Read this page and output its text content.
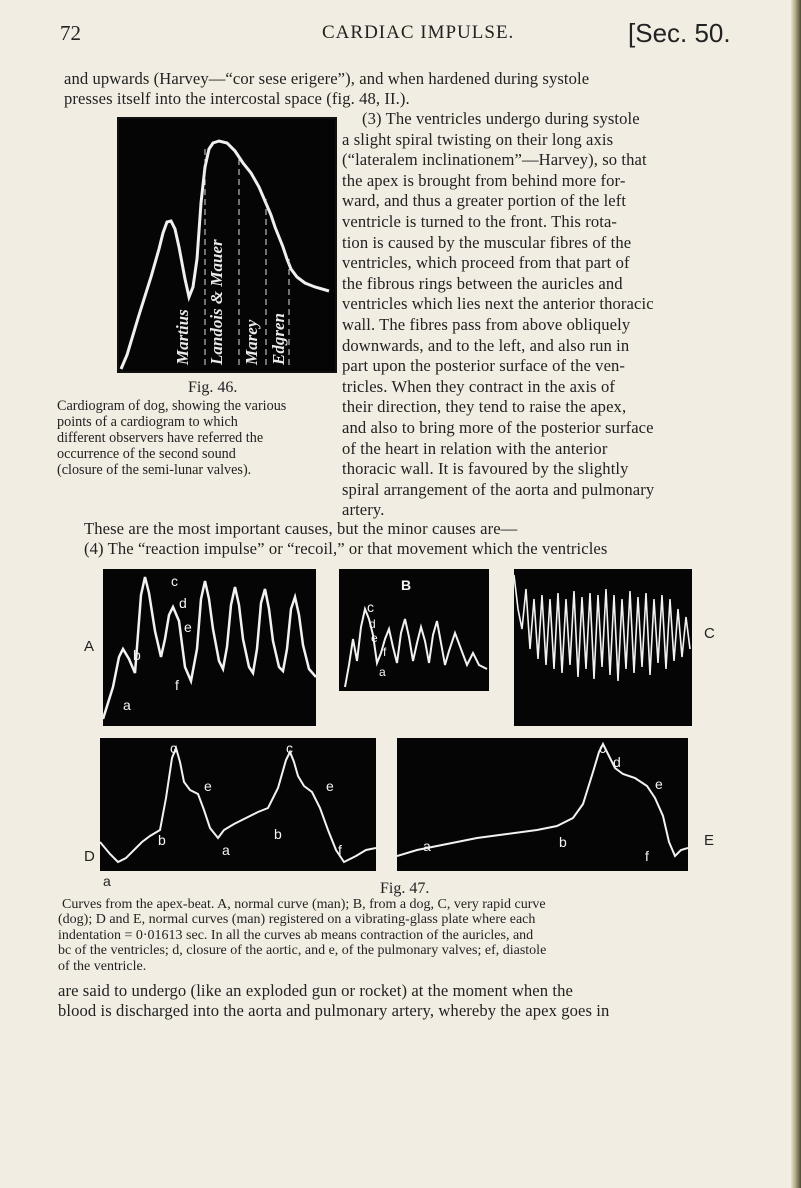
72	CARDIAC IMPULSE.	[Sec. 50.
and upwards (Harvey—“cor sese erigere”), and when hardened during systole
presses itself into the intercostal space (fig. 48, II.).
Martius Landois & Mauer Marey Edgren
Fig. 46.
Cardiogram of dog, showing the various
points of a cardiogram to which
different observers have referred the
occurrence of the second sound
(closure of the semi-lunar valves).
(3) The ventricles undergo during systole
a slight spiral twisting on their long axis
(“lateralem inclinationem”—Harvey), so that
the apex is brought from behind more for-
ward, and thus a greater portion of the left
ventricle is turned to the front. This rota-
tion is caused by the muscular fibres of the
ventricles, which proceed from that part of
the fibrous rings between the auricles and
ventricles which lies next the anterior thoracic
wall. The fibres pass from above obliquely
downwards, and to the left, and also run in
part upon the posterior surface of the ven-
tricles. When they contract in the axis of
their direction, they tend to raise the apex,
and also to bring more of the posterior surface
of the heart in relation with the anterior
thoracic wall. It is favoured by the slightly
spiral arrangement of the aorta and pulmonary
artery.
These are the most important causes, but the minor causes are—
(4) The “reaction impulse” or “recoil,” or that movement which the ventricles
A
c
d
e
b
f
a
B
c
d
e
f
a
C
D
c	c
e	e
b	b
a	f
a
c
d
e
a	b
f
E
Fig. 47.
Curves from the apex-beat. A, normal curve (man); B, from a dog, C, very rapid curve
(dog); D and E, normal curves (man) registered on a vibrating-glass plate where each
indentation = 0·01613 sec. In all the curves ab means contraction of the auricles, and
bc of the ventricles; d, closure of the aortic, and e, of the pulmonary valves; ef, diastole
of the ventricle.
are said to undergo (like an exploded gun or rocket) at the moment when the
blood is discharged into the aorta and pulmonary artery, whereby the apex goes in
